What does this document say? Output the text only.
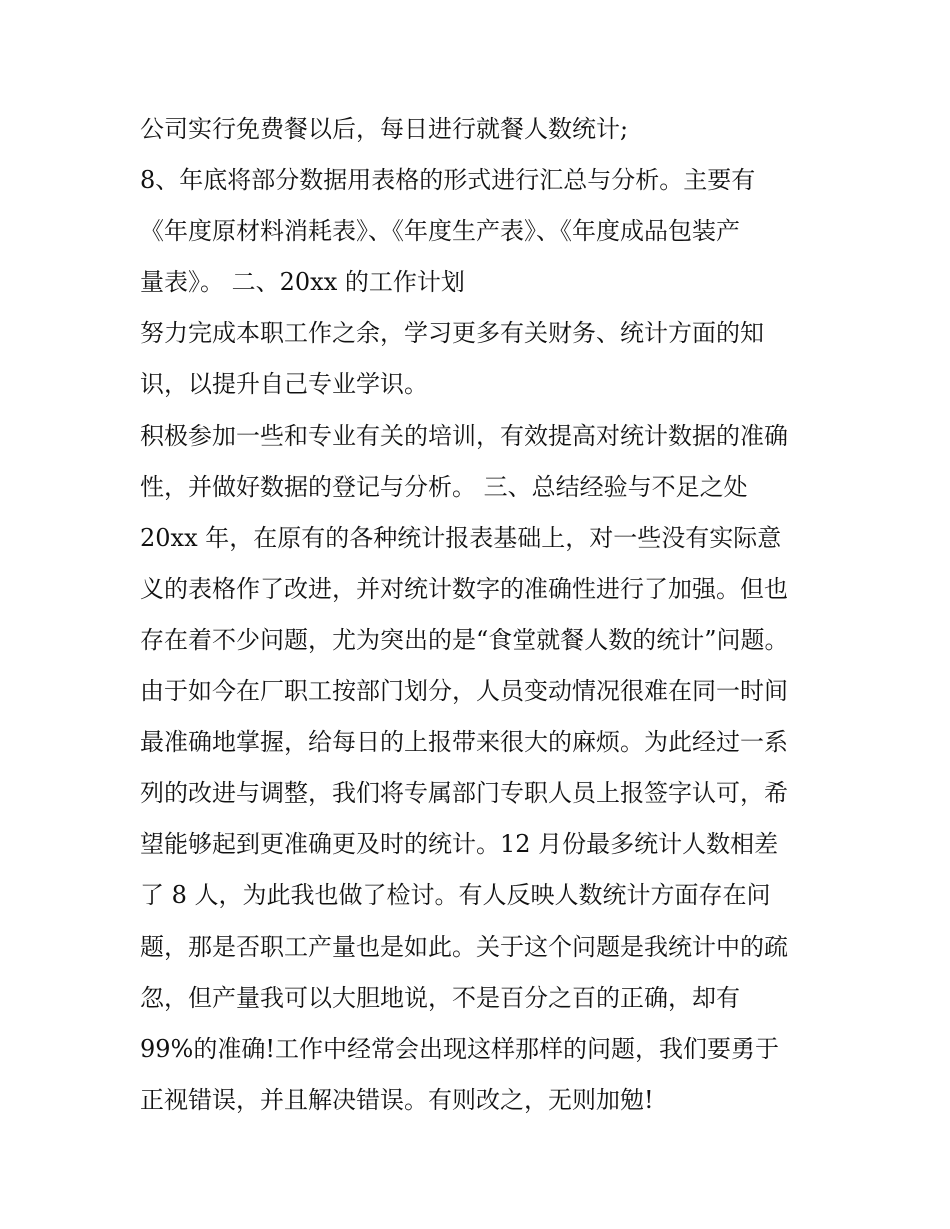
公司实行免费餐以后，每日进行就餐人数统计;
8、年底将部分数据用表格的形式进行汇总与分析。主要有
《年度原材料消耗表》、《年度生产表》、《年度成品包装产
量表》。 二、20xx 的工作计划
努力完成本职工作之余，学习更多有关财务、统计方面的知
识，以提升自己专业学识。
积极参加一些和专业有关的培训，有效提高对统计数据的准确
性，并做好数据的登记与分析。 三、总结经验与不足之处
20xx 年，在原有的各种统计报表基础上，对一些没有实际意
义的表格作了改进，并对统计数字的准确性进行了加强。但也
存在着不少问题，尤为突出的是“食堂就餐人数的统计”问题。
由于如今在厂职工按部门划分，人员变动情况很难在同一时间
最准确地掌握，给每日的上报带来很大的麻烦。为此经过一系
列的改进与调整，我们将专属部门专职人员上报签字认可，希
望能够起到更准确更及时的统计。12 月份最多统计人数相差
了 8 人，为此我也做了检讨。有人反映人数统计方面存在问
题，那是否职工产量也是如此。关于这个问题是我统计中的疏
忽，但产量我可以大胆地说，不是百分之百的正确，却有
99%的准确!工作中经常会出现这样那样的问题，我们要勇于
正视错误，并且解决错误。有则改之，无则加勉!
